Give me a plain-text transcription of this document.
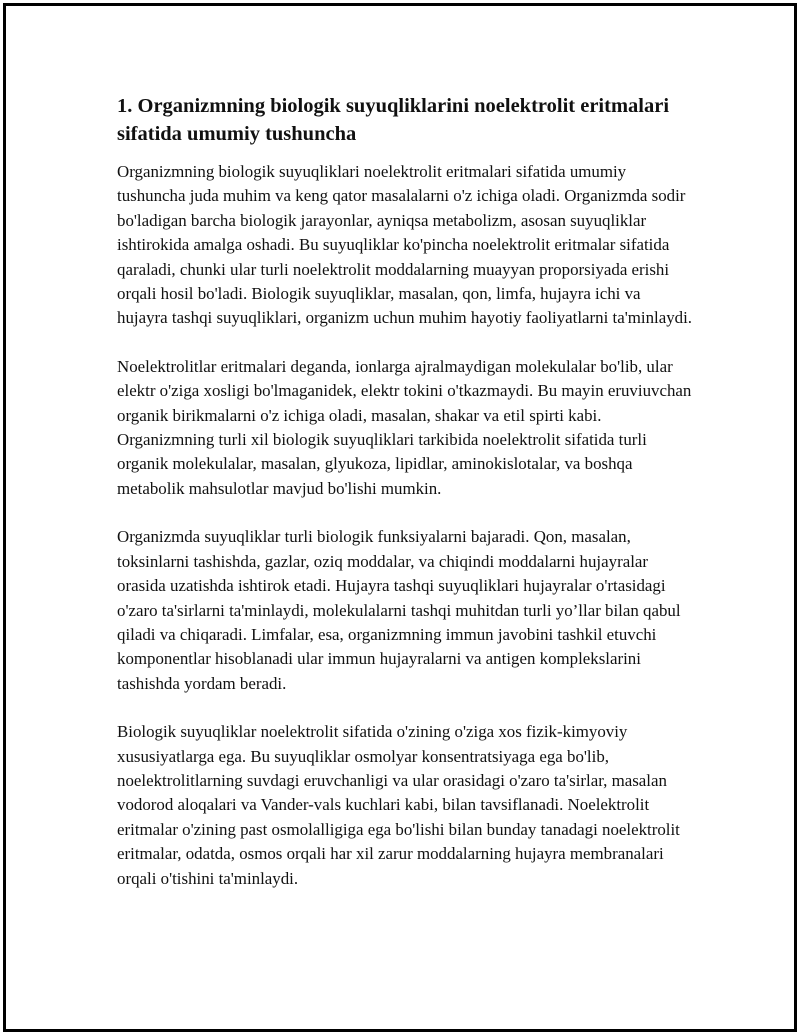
1. Organizmning biologik suyuqliklarini noelektrolit eritmalari sifatida umumiy tushuncha

Organizmning biologik suyuqliklari noelektrolit eritmalari sifatida umumiy tushuncha juda muhim va keng qator masalalarni o'z ichiga oladi. Organizmda sodir bo'ladigan barcha biologik jarayonlar, ayniqsa metabolizm, asosan suyuqliklar ishtirokida amalga oshadi. Bu suyuqliklar ko'pincha noelektrolit eritmalar sifatida qaraladi, chunki ular turli noelektrolit moddalarning muayyan proporsiyada erishi orqali hosil bo'ladi. Biologik suyuqliklar, masalan, qon, limfa, hujayra ichi va hujayra tashqi suyuqliklari, organizm uchun muhim hayotiy faoliyatlarni ta'minlaydi.

Noelektrolitlar eritmalari deganda, ionlarga ajralmaydigan molekulalar bo'lib, ular elektr o'ziga xosligi bo'lmaganidek, elektr tokini o'tkazmaydi. Bu mayin eruviuvchan organik birikmalarni o'z ichiga oladi, masalan, shakar va etil spirti kabi. Organizmning turli xil biologik suyuqliklari tarkibida noelektrolit sifatida turli organik molekulalar, masalan, glyukoza, lipidlar, aminokislotalar, va boshqa metabolik mahsulotlar mavjud bo'lishi mumkin.

Organizmda suyuqliklar turli biologik funksiyalarni bajaradi. Qon, masalan, toksinlarni tashishda, gazlar, oziq moddalar, va chiqindi moddalarni hujayralar orasida uzatishda ishtirok etadi. Hujayra tashqi suyuqliklari hujayralar o'rtasidagi o'zaro ta'sirlarni ta'minlaydi, molekulalarni tashqi muhitdan turli yo’llar bilan qabul qiladi va chiqaradi. Limfalar, esa, organizmning immun javobini tashkil etuvchi komponentlar hisoblanadi ular immun hujayralarni va antigen komplekslarini tashishda yordam beradi.

Biologik suyuqliklar noelektrolit sifatida o'zining o'ziga xos fizik-kimyoviy xususiyatlarga ega. Bu suyuqliklar osmolyar konsentratsiyaga ega bo'lib, noelektrolitlarning suvdagi eruvchanligi va ular orasidagi o'zaro ta'sirlar, masalan vodorod aloqalari va Vander-vals kuchlari kabi, bilan tavsiflanadi. Noelektrolit eritmalar o'zining past osmolalligiga ega bo'lishi bilan bunday tanadagi noelektrolit eritmalar, odatda, osmos orqali har xil zarur moddalarning hujayra membranalari orqali o'tishini ta'minlaydi.
